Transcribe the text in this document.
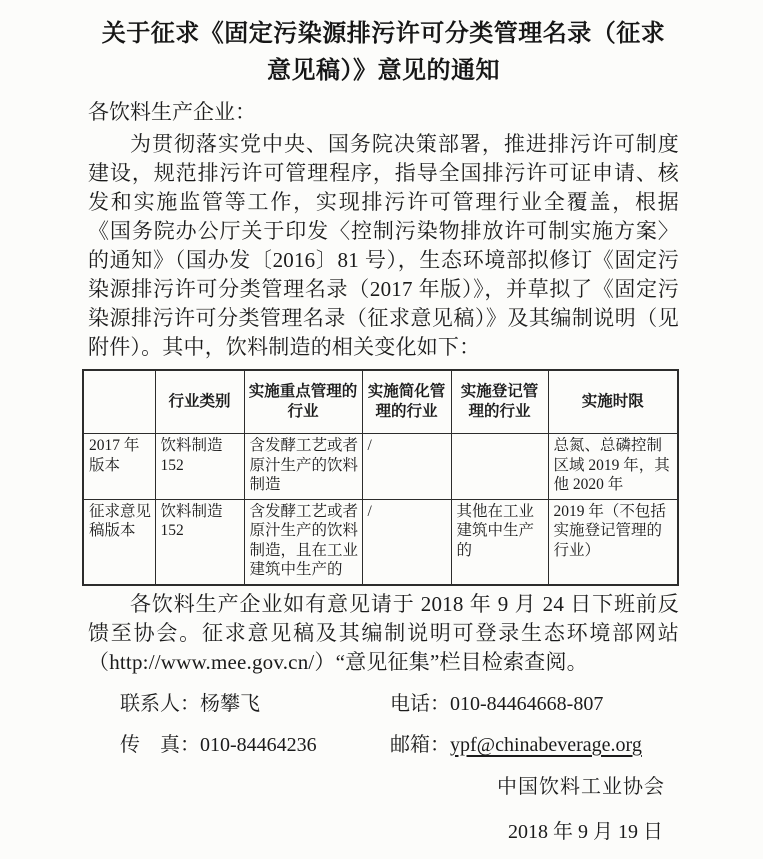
关于征求《固定污染源排污许可分类管理名录（征求
意见稿）》意见的通知
各饮料生产企业：

为贯彻落实党中央、国务院决策部署，推进排污许可制度建设，规范排污许可管理程序，指导全国排污许可证申请、核发和实施监管等工作，实现排污许可管理行业全覆盖，根据《国务院办公厅关于印发〈控制污染物排放许可制实施方案〉的通知》（国办发〔2016〕81 号），生态环境部拟修订《固定污染源排污许可分类管理名录（2017 年版）》，并草拟了《固定污染源排污许可分类管理名录（征求意见稿）》及其编制说明（见附件）。其中，饮料制造的相关变化如下：

	行业类别	实施重点管理的行业	实施简化管理的行业	实施登记管理的行业	实施时限
2017 年版本	饮料制造 152	含发酵工艺或者原汁生产的饮料制造	/		总氮、总磷控制区域 2019 年，其他 2020 年
征求意见稿版本	饮料制造 152	含发酵工艺或者原汁生产的饮料制造，且在工业建筑中生产的	/	其他在工业建筑中生产的	2019 年（不包括实施登记管理的行业）

各饮料生产企业如有意见请于 2018 年 9 月 24 日下班前反馈至协会。征求意见稿及其编制说明可登录生态环境部网站（http://www.mee.gov.cn/）“意见征集”栏目检索查阅。

联系人：杨攀飞	电话：010-84464668-807
传　真：010-84464236	邮箱：ypf@chinabeverage.org
中国饮料工业协会
2018 年 9 月 19 日
